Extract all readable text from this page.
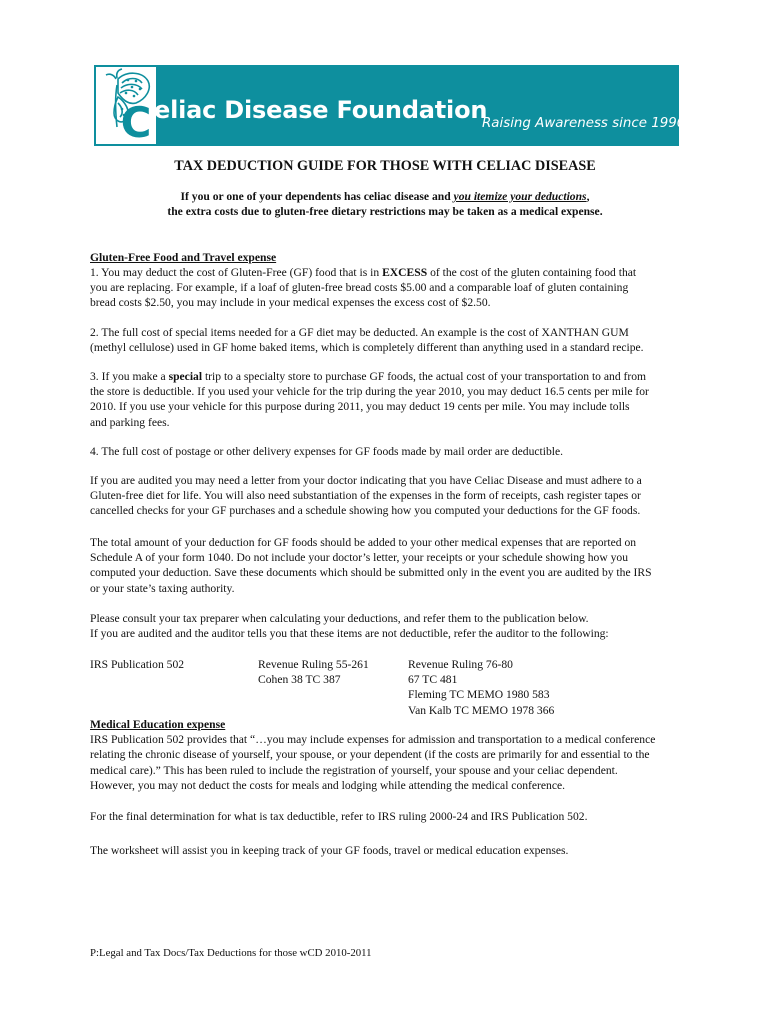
C eliac Disease Foundation

Raising Awareness since 1990

TAX DEDUCTION GUIDE FOR THOSE WITH CELIAC DISEASE

If you or one of your dependents has celiac disease and you itemize your deductions,
the extra costs due to gluten-free dietary restrictions may be taken as a medical expense.

Gluten-Free Food and Travel expense

1. You may deduct the cost of Gluten-Free (GF) food that is in EXCESS of the cost of the gluten containing food that
you are replacing. For example, if a loaf of gluten-free bread costs $5.00 and a comparable loaf of gluten containing
bread costs $2.50, you may include in your medical expenses the excess cost of $2.50.

2. The full cost of special items needed for a GF diet may be deducted. An example is the cost of XANTHAN GUM
(methyl cellulose) used in GF home baked items, which is completely different than anything used in a standard recipe.

3. If you make a special trip to a specialty store to purchase GF foods, the actual cost of your transportation to and from
the store is deductible. If you used your vehicle for the trip during the year 2010, you may deduct 16.5 cents per mile for
2010. If you use your vehicle for this purpose during 2011, you may deduct 19 cents per mile. You may include tolls
and parking fees.

4. The full cost of postage or other delivery expenses for GF foods made by mail order are deductible.

If you are audited you may need a letter from your doctor indicating that you have Celiac Disease and must adhere to a
Gluten-free diet for life. You will also need substantiation of the expenses in the form of receipts, cash register tapes or
cancelled checks for your GF purchases and a schedule showing how you computed your deductions for the GF foods.

The total amount of your deduction for GF foods should be added to your other medical expenses that are reported on
Schedule A of your form 1040. Do not include your doctor’s letter, your receipts or your schedule showing how you
computed your deduction. Save these documents which should be submitted only in the event you are audited by the IRS
or your state’s taxing authority.

Please consult your tax preparer when calculating your deductions, and refer them to the publication below.
If you are audited and the auditor tells you that these items are not deductible, refer the auditor to the following:

IRS Publication 502	Revenue Ruling 55-261
Cohen 38 TC 387
Revenue Ruling 76-80
67 TC 481
Fleming TC MEMO 1980 583
Van Kalb TC MEMO 1978 366

Medical Education expense
IRS Publication 502 provides that “…you may include expenses for admission and transportation to a medical conference
relating the chronic disease of yourself, your spouse, or your dependent (if the costs are primarily for and essential to the
medical care).” This has been ruled to include the registration of yourself, your spouse and your celiac dependent.
However, you may not deduct the costs for meals and lodging while attending the medical conference.

For the final determination for what is tax deductible, refer to IRS ruling 2000-24 and IRS Publication 502.

The worksheet will assist you in keeping track of your GF foods, travel or medical education expenses.

P:Legal and Tax Docs/Tax Deductions for those wCD 2010-2011
